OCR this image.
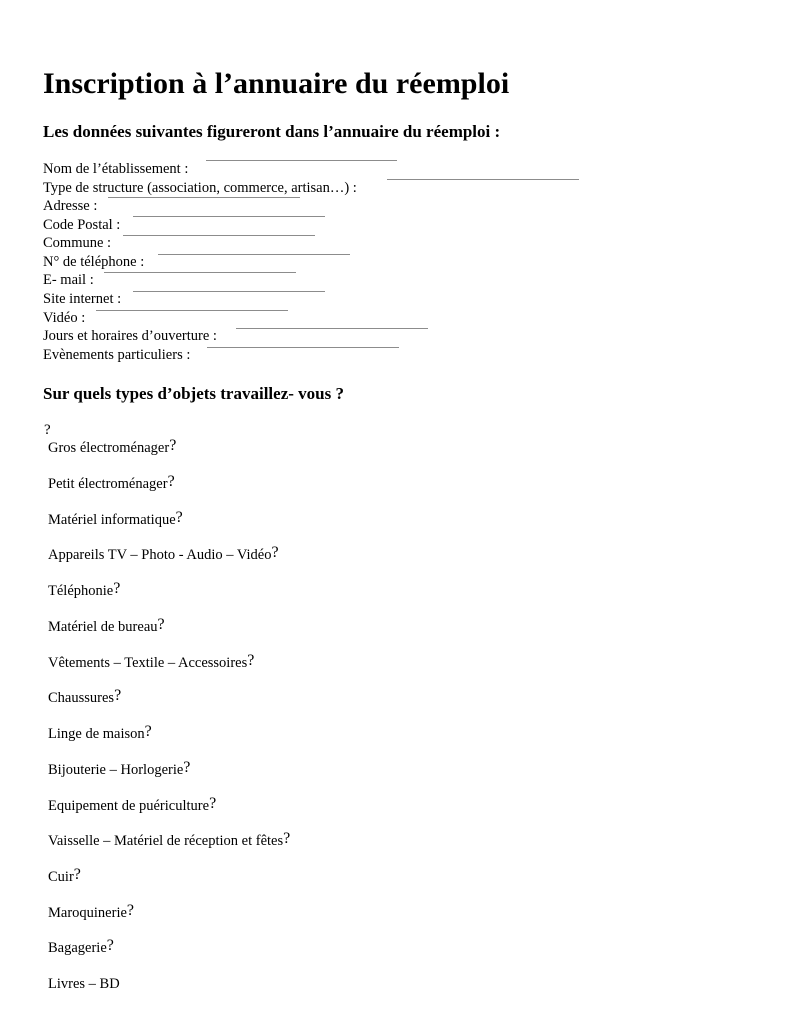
Inscription à l’annuaire du réemploi
Les données suivantes figureront dans l’annuaire du réemploi :
Nom de l’établissement :
Type de structure (association, commerce, artisan…) :
Adresse :
Code Postal :
Commune :
N° de téléphone :
E- mail :
Site internet :
Vidéo :
Jours et horaires d’ouverture :
Evènements particuliers :
Sur quels types d’objets travaillez- vous ?
?
Gros électroménager?
Petit électroménager?
Matériel informatique?
Appareils TV – Photo - Audio – Vidéo?
Téléphonie?
Matériel de bureau?
Vêtements – Textile – Accessoires?
Chaussures?
Linge de maison?
Bijouterie – Horlogerie?
Equipement de puériculture?
Vaisselle – Matériel de réception et fêtes?
Cuir?
Maroquinerie?
Bagagerie?
Livres – BD
